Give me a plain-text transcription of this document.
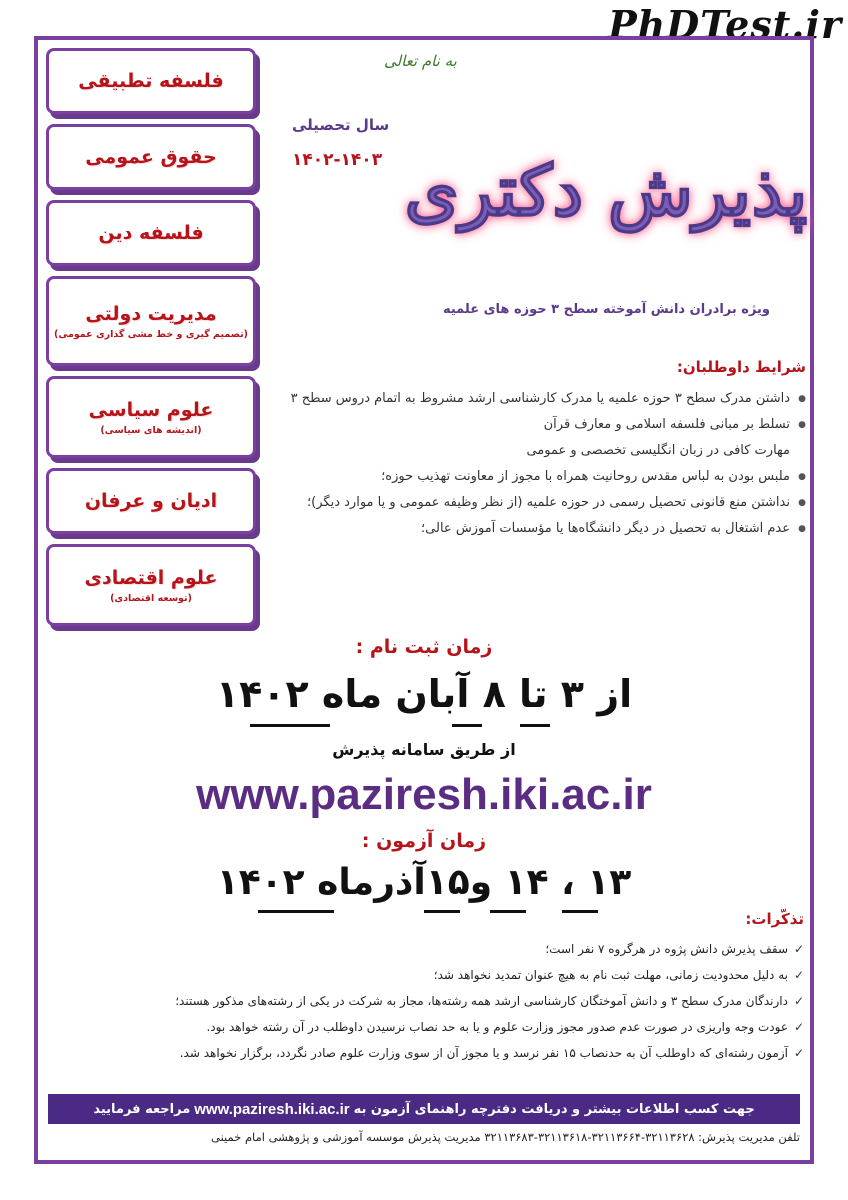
PhDTest.ir
فلسفه تطبیقی
حقوق عمومی
فلسفه دین
مدیریت دولتی
(تصمیم گیری و خط مشی گذاری عمومی)
علوم سیاسی
(اندیشه های سیاسی)
ادیان و عرفان
علوم اقتصادی
(توسعه اقتصادی)
به نام تعالی
سال تحصیلی
۱۴۰۲-۱۴۰۳ پذیرش دکتری
ویژه برادران دانش آموخته سطح ۳ حوزه های علمیه
شرایط داوطلبان:
● داشتن مدرک سطح ۳ حوزه علمیه یا مدرک کارشناسی ارشد مشروط به اتمام دروس سطح ۳
● تسلط بر مبانی فلسفه اسلامی و معارف قرآن
مهارت کافی در زبان انگلیسی تخصصی و عمومی
● ملبس بودن به لباس مقدس روحانیت همراه با مجوز از معاونت تهذیب حوزه؛
● نداشتن منع قانونی تحصیل رسمی در حوزه علمیه (از نظر وظیفه عمومی و یا موارد دیگر)؛
● عدم اشتغال به تحصیل در دیگر دانشگاه‌ها یا مؤسسات آموزش عالی؛
زمان ثبت نام :
از ۳ تا ۸ آبان ماه ۱۴۰۲
از طریق سامانه پذیرش
www.paziresh.iki.ac.ir
زمان آزمون :
۱۳ ، ۱۴ و۱۵آذرماه ۱۴۰۲
تذکّرات:
✓ سقف پذیرش دانش پژوه در هرگروه ۷ نفر است؛
✓ به دلیل محدودیت زمانی، مهلت ثبت نام به هیچ عنوان تمدید نخواهد شد؛
✓ دارندگان مدرک سطح ۳ و دانش آموختگان کارشناسی ارشد همه رشته‌ها، مجاز به شرکت در یکی از رشته‌های مذکور هستند؛
✓ عودت وجه واریزی در صورت عدم صدور مجوز وزارت علوم و یا به حد نصاب نرسیدن داوطلب در آن رشته خواهد بود.
✓ آزمون رشته‌ای که داوطلب آن به حدنصاب ۱۵ نفر نرسد و یا مجوز آن از سوی وزارت علوم صادر نگردد، برگزار نخواهد شد.
جهت کسب اطلاعات بیشتر و دریافت دفترچه راهنمای آزمون به
www.paziresh.iki.ac.ir
مراجعه فرمایید
تلفن مدیریت پذیرش: ۳۲۱۱۳۶۲۸-۳۲۱۱۳۶۶۴-۳۲۱۱۳۶۱۸-۳۲۱۱۳۶۸۳ مدیریت پذیرش موسسه آموزشی و پژوهشی امام خمینی
